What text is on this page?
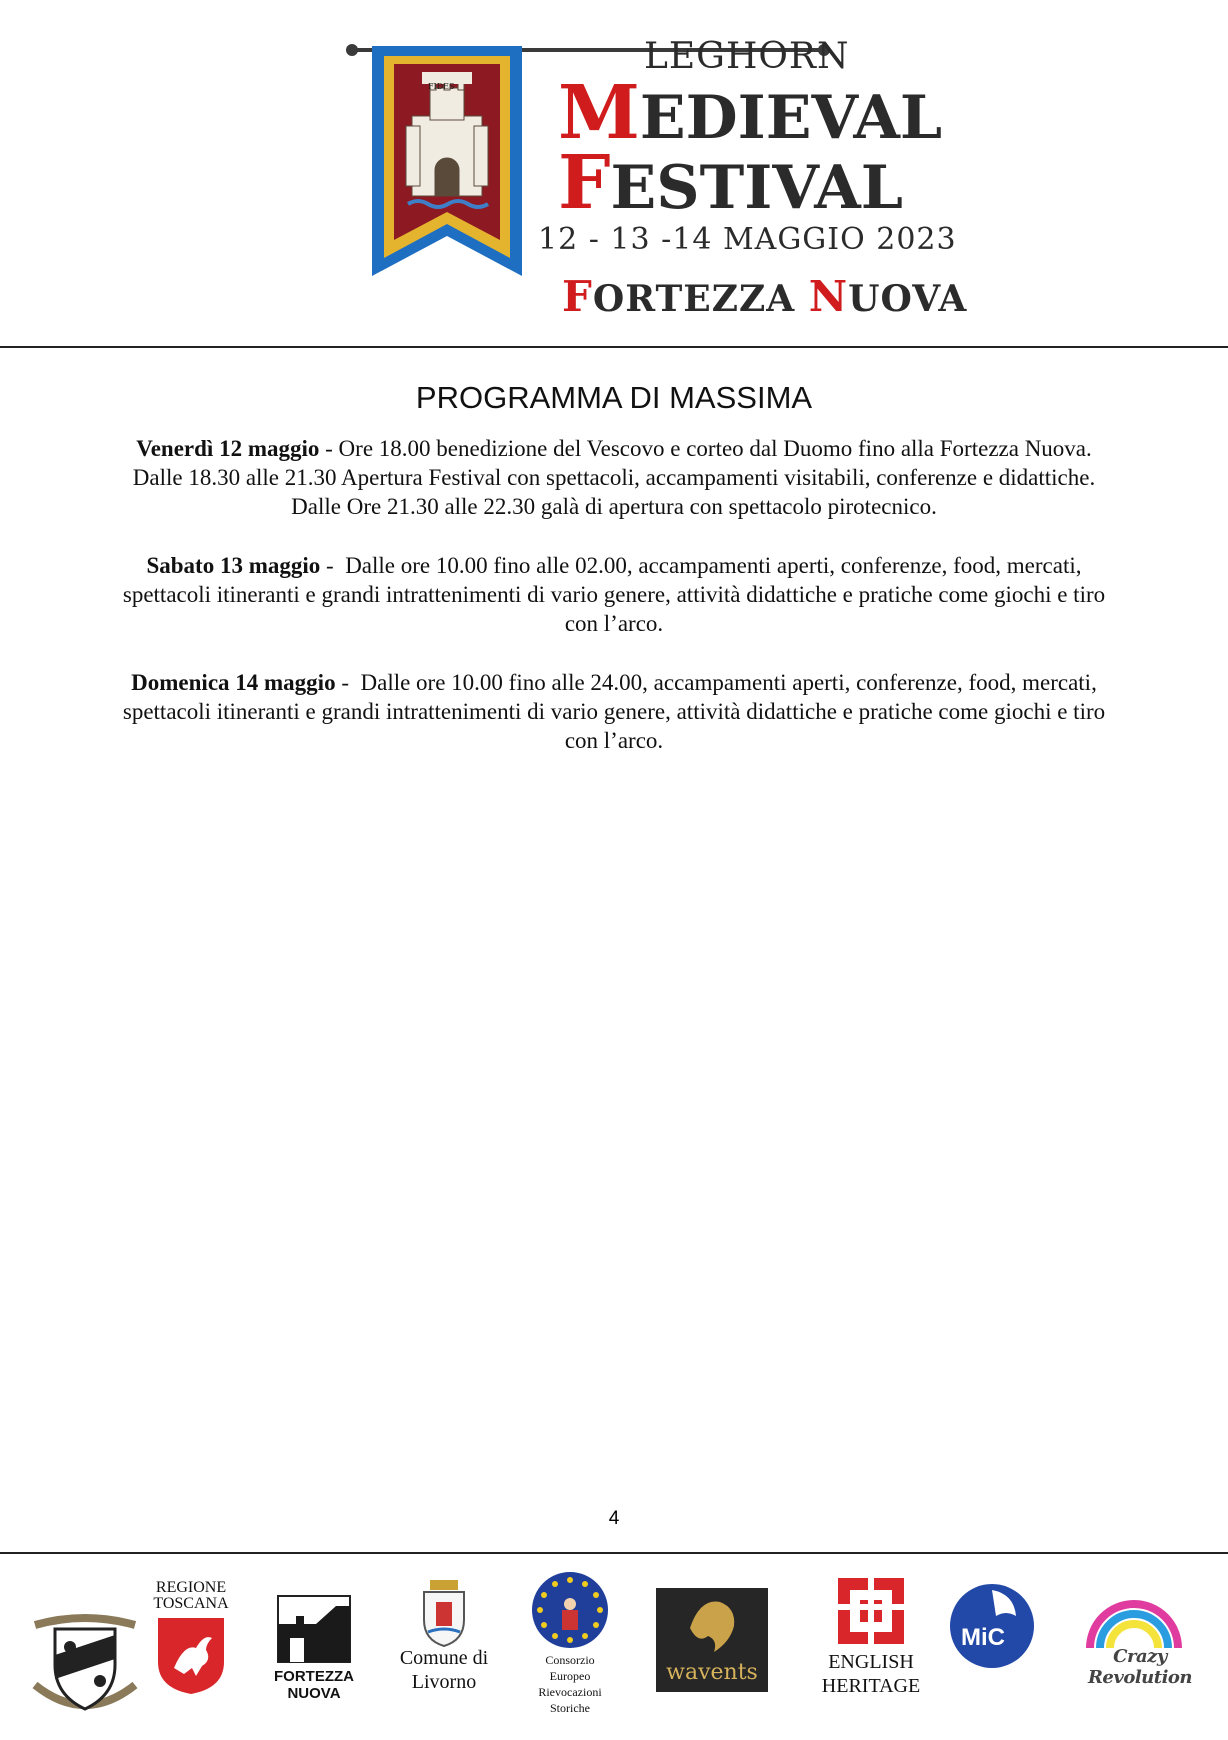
FIDES
LEGHORN
MEDIEVAL
FESTIVAL
12 - 13 -14 MAGGIO 2023
FORTEZZA NUOVA
PROGRAMMA DI MASSIMA

Venerdì 12 maggio - Ore 18.00 benedizione del Vescovo e corteo dal Duomo fino alla Fortezza Nuova.

Dalle 18.30 alle 21.30 Apertura Festival con spettacoli, accampamenti visitabili, conferenze e didattiche.

Dalle Ore 21.30 alle 22.30 galà di apertura con spettacolo pirotecnico.

Sabato 13 maggio -  Dalle ore 10.00 fino alle 02.00, accampamenti aperti, conferenze, food, mercati,

spettacoli itineranti e grandi intrattenimenti di vario genere, attività didattiche e pratiche come giochi e tiro

con l’arco.

Domenica 14 maggio -  Dalle ore 10.00 fino alle 24.00, accampamenti aperti, conferenze, food, mercati,

spettacoli itineranti e grandi intrattenimenti di vario genere, attività didattiche e pratiche come giochi e tiro

con l’arco.

4
REGIONE
TOSCANA
FORTEZZA NUOVA
Comune di
Livorno
Consorzio
Europeo
Rievocazioni
Storiche
wavents	ENGLISH
HERITAGE
MiC
Crazy Revolution
